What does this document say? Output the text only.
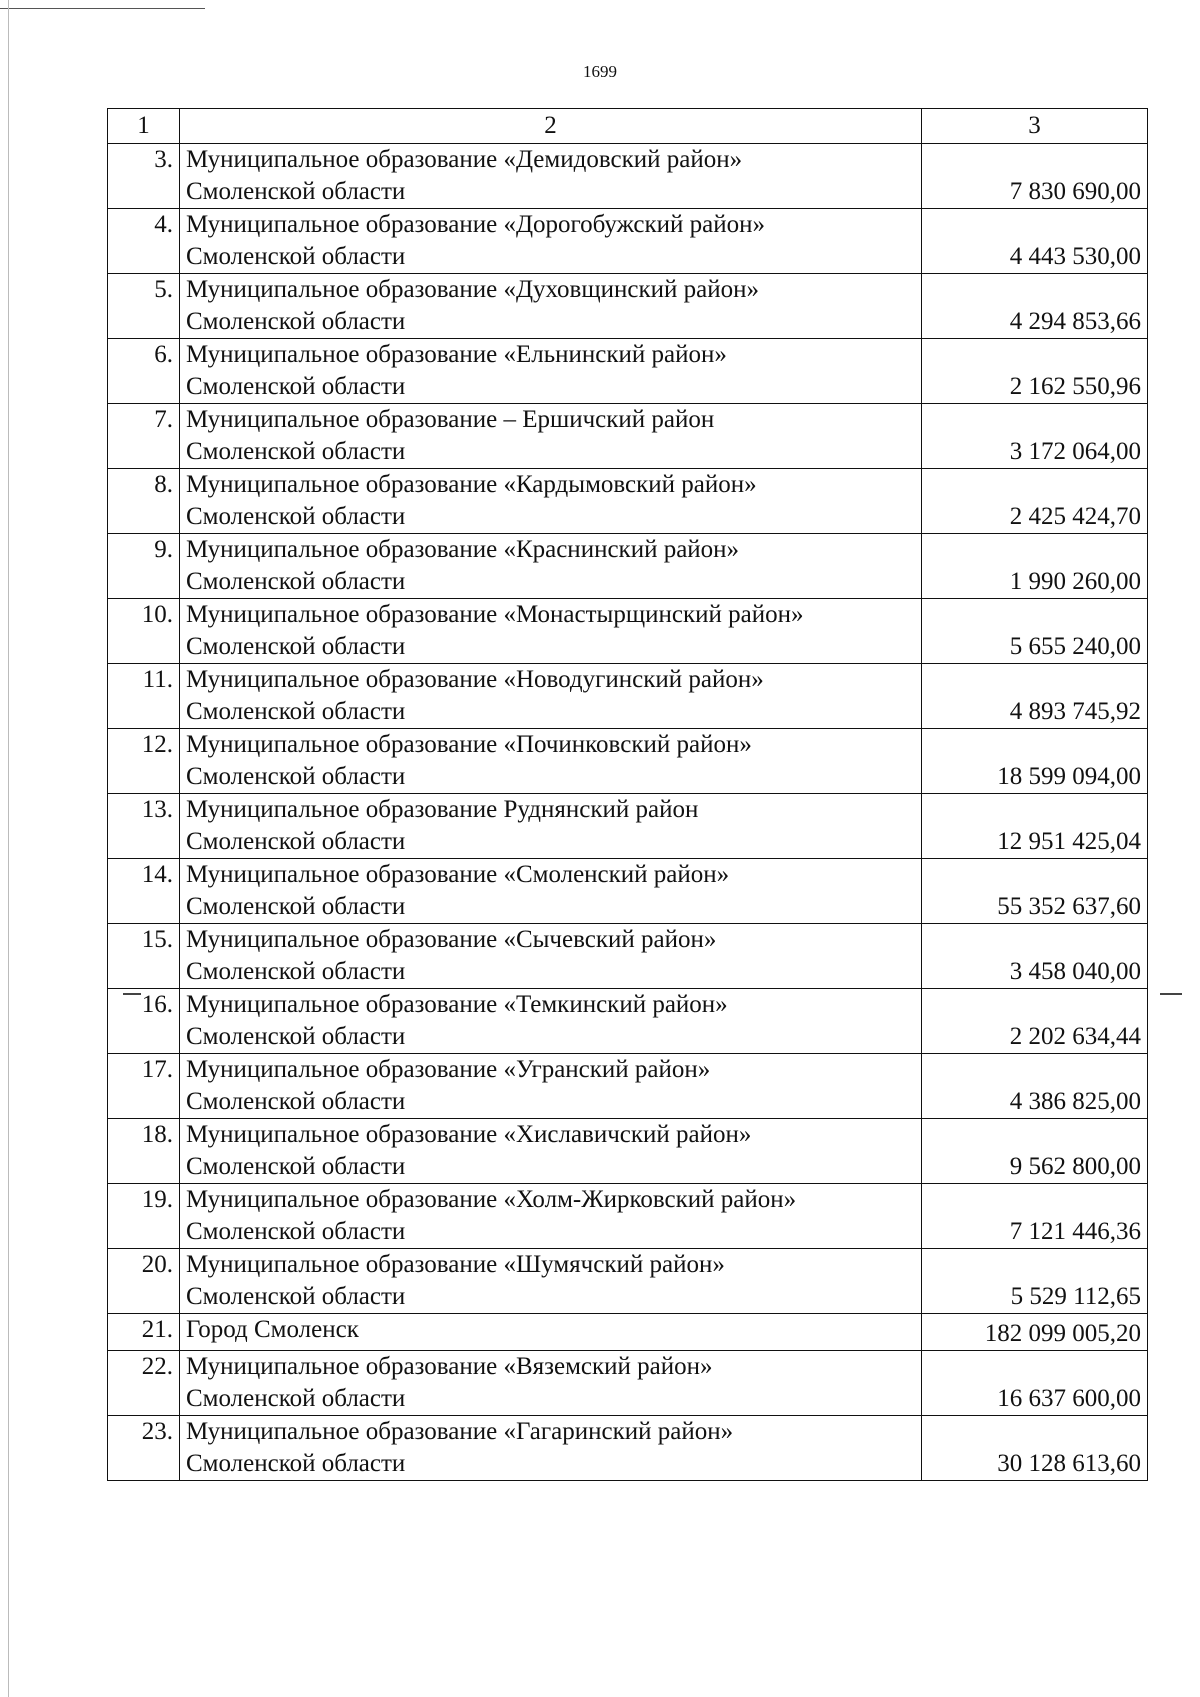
1699
1	2	3
3.	Муниципальное образование «Демидовский район»
Смоленской области	7 830 690,00
4.	Муниципальное образование «Дорогобужский район»
Смоленской области	4 443 530,00
5.	Муниципальное образование «Духовщинский район»
Смоленской области	4 294 853,66
6.	Муниципальное образование «Ельнинский район»
Смоленской области	2 162 550,96
7.	Муниципальное образование – Ершичский район
Смоленской области	3 172 064,00
8.	Муниципальное образование «Кардымовский район»
Смоленской области	2 425 424,70
9.	Муниципальное образование «Краснинский район»
Смоленской области	1 990 260,00
10.	Муниципальное образование «Монастырщинский район»
Смоленской области	5 655 240,00
11.	Муниципальное образование «Новодугинский район»
Смоленской области	4 893 745,92
12.	Муниципальное образование «Починковский район»
Смоленской области	18 599 094,00
13.	Муниципальное образование Руднянский район
Смоленской области	12 951 425,04
14.	Муниципальное образование «Смоленский район»
Смоленской области	55 352 637,60
15.	Муниципальное образование «Сычевский район»
Смоленской области	3 458 040,00
16.	Муниципальное образование «Темкинский район»
Смоленской области	2 202 634,44
17.	Муниципальное образование «Угранский район»
Смоленской области	4 386 825,00
18.	Муниципальное образование «Хиславичский район»
Смоленской области	9 562 800,00
19.	Муниципальное образование «Холм-Жирковский район»
Смоленской области	7 121 446,36
20.	Муниципальное образование «Шумячский район»
Смоленской области	5 529 112,65
21.	Город Смоленск	182 099 005,20
22.	Муниципальное образование «Вяземский район»
Смоленской области	16 637 600,00
23.	Муниципальное образование «Гагаринский район»
Смоленской области	30 128 613,60
